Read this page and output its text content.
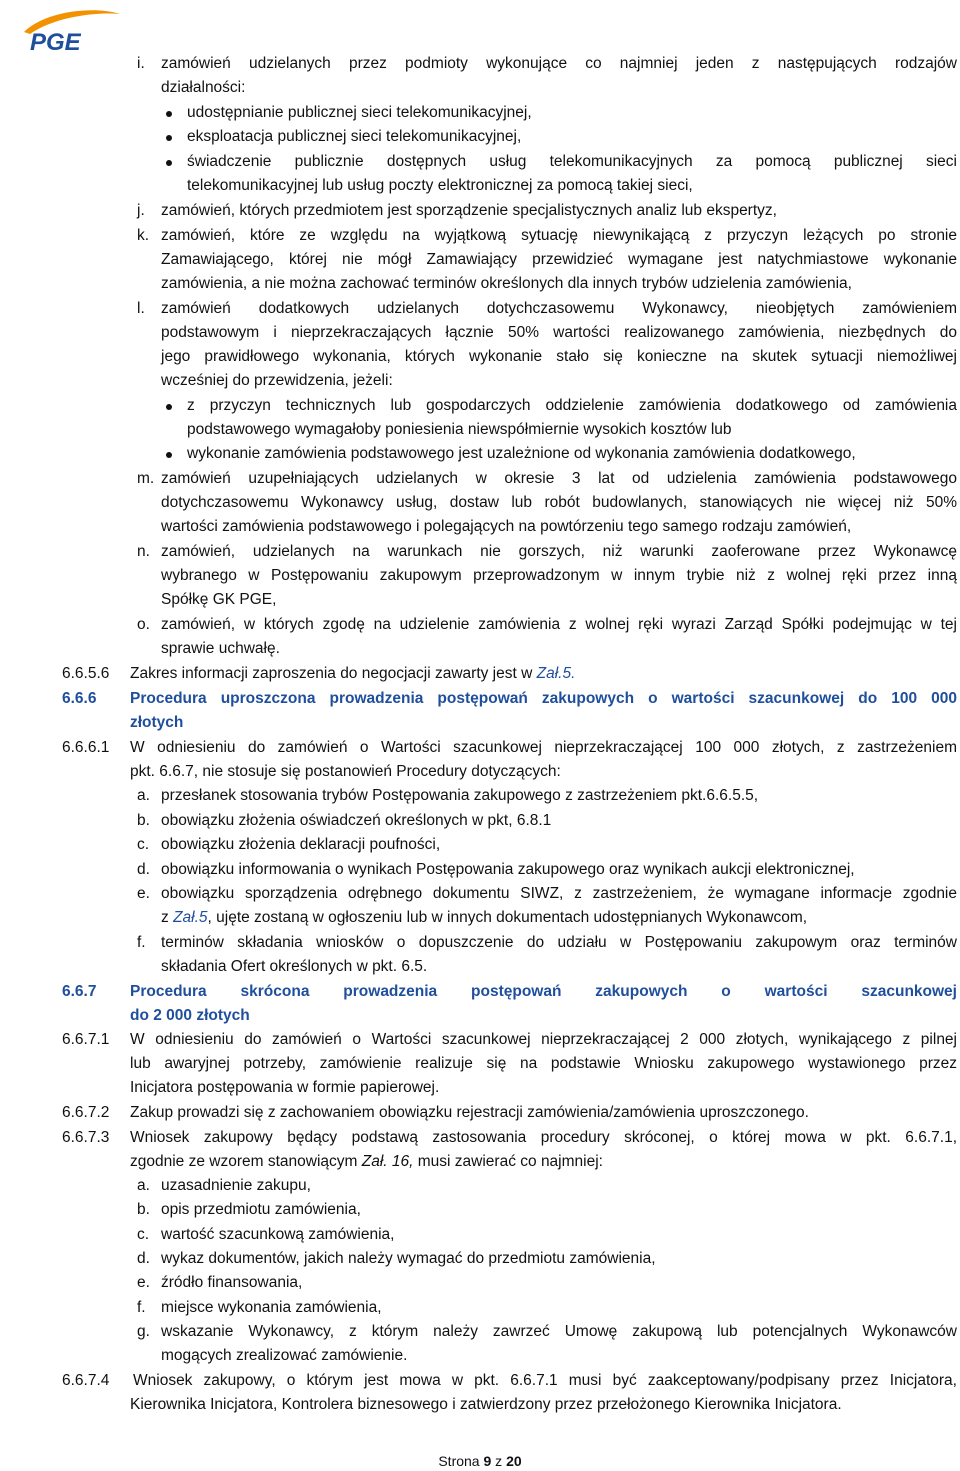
PGE
i. zamówień udzielanych przez podmioty wykonujące co najmniej jeden z następujących rodzajów
działalności:
udostępnianie publicznej sieci telekomunikacyjnej,
eksploatacja publicznej sieci telekomunikacyjnej,
świadczenie publicznie dostępnych usług telekomunikacyjnych za pomocą publicznej sieci
telekomunikacyjnej lub usług poczty elektronicznej za pomocą takiej sieci,
j. zamówień, których przedmiotem jest sporządzenie specjalistycznych analiz lub ekspertyz,
k. zamówień, które ze względu na wyjątkową sytuację niewynikającą z przyczyn leżących po stronie
Zamawiającego, której nie mógł Zamawiający przewidzieć wymagane jest natychmiastowe wykonanie
zamówienia, a nie można zachować terminów określonych dla innych trybów udzielenia zamówienia,
l. zamówień dodatkowych udzielanych dotychczasowemu Wykonawcy, nieobjętych zamówieniem
podstawowym i nieprzekraczających łącznie 50% wartości realizowanego zamówienia, niezbędnych do
jego prawidłowego wykonania, których wykonanie stało się konieczne na skutek sytuacji niemożliwej
wcześniej do przewidzenia, jeżeli:
z przyczyn technicznych lub gospodarczych oddzielenie zamówienia dodatkowego od zamówienia
podstawowego wymagałoby poniesienia niewspółmiernie wysokich kosztów lub
wykonanie zamówienia podstawowego jest uzależnione od wykonania zamówienia dodatkowego,
m. zamówień uzupełniających udzielanych w okresie 3 lat od udzielenia zamówienia podstawowego
dotychczasowemu Wykonawcy usług, dostaw lub robót budowlanych, stanowiących nie więcej niż 50%
wartości zamówienia podstawowego i polegających na powtórzeniu tego samego rodzaju zamówień,
n. zamówień, udzielanych na warunkach nie gorszych, niż warunki zaoferowane przez Wykonawcę
wybranego w Postępowaniu zakupowym przeprowadzonym w innym trybie niż z wolnej ręki przez inną
Spółkę GK PGE,
o. zamówień, w których zgodę na udzielenie zamówienia z wolnej ręki wyrazi Zarząd Spółki podejmując w tej
sprawie uchwałę.
6.6.5.6 Zakres informacji zaproszenia do negocjacji zawarty jest w Zał.5.
6.6.6 Procedura uproszczona prowadzenia postępowań zakupowych o wartości szacunkowej do 100 000
złotych
6.6.6.1 W odniesieniu do zamówień o Wartości szacunkowej nieprzekraczającej 100 000 złotych, z zastrzeżeniem
pkt. 6.6.7, nie stosuje się postanowień Procedury dotyczących:
a. przesłanek stosowania trybów Postępowania zakupowego z zastrzeżeniem pkt.6.6.5.5,
b. obowiązku złożenia oświadczeń określonych w pkt, 6.8.1
c. obowiązku złożenia deklaracji poufności,
d. obowiązku informowania o wynikach Postępowania zakupowego oraz wynikach aukcji elektronicznej,
e. obowiązku sporządzenia odrębnego dokumentu SIWZ, z zastrzeżeniem, że wymagane informacje zgodnie
z Zał.5, ujęte zostaną w ogłoszeniu lub w innych dokumentach udostępnianych Wykonawcom,
f. terminów składania wniosków o dopuszczenie do udziału w Postępowaniu zakupowym oraz terminów
składania Ofert określonych w pkt. 6.5.
6.6.7 Procedura skrócona prowadzenia postępowań zakupowych o wartości szacunkowej
do 2 000 złotych
6.6.7.1 W odniesieniu do zamówień o Wartości szacunkowej nieprzekraczającej 2 000 złotych, wynikającego z pilnej
lub awaryjnej potrzeby, zamówienie realizuje się na podstawie Wniosku zakupowego wystawionego przez
Inicjatora postępowania w formie papierowej.
6.6.7.2 Zakup prowadzi się z zachowaniem obowiązku rejestracji zamówienia/zamówienia uproszczonego.
6.6.7.3 Wniosek zakupowy będący podstawą zastosowania procedury skróconej, o której mowa w pkt. 6.6.7.1,
zgodnie ze wzorem stanowiącym Zał. 16, musi zawierać co najmniej:
a. uzasadnienie zakupu,
b. opis przedmiotu zamówienia,
c. wartość szacunkową zamówienia,
d. wykaz dokumentów, jakich należy wymagać do przedmiotu zamówienia,
e. źródło finansowania,
f. miejsce wykonania zamówienia,
g. wskazanie Wykonawcy, z którym należy zawrzeć Umowę zakupową lub potencjalnych Wykonawców
mogących zrealizować zamówienie.
6.6.7.4 Wniosek zakupowy, o którym jest mowa w pkt. 6.6.7.1 musi być zaakceptowany/podpisany przez Inicjatora,
Kierownika Inicjatora, Kontrolera biznesowego i zatwierdzony przez przełożonego Kierownika Inicjatora.
Strona 9 z 20
